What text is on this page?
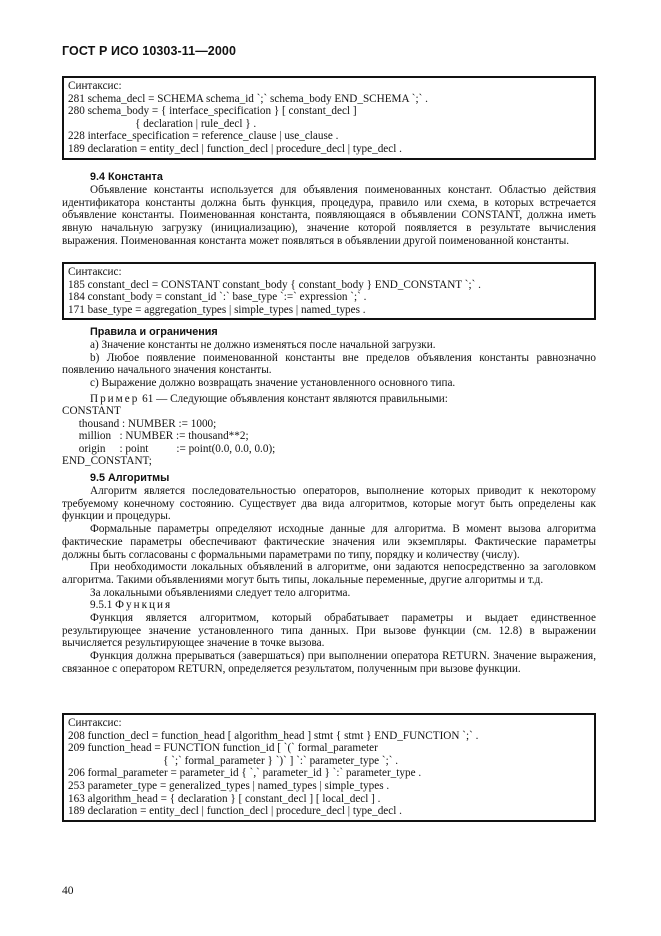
ГОСТ Р ИСО 10303-11—2000
Синтаксис:
281 schema_decl = SCHEMA schema_id `;` schema_body END_SCHEMA `;` .
280 schema_body = { interface_specification } [ constant_decl ]
{ declaration | rule_decl } .
228 interface_specification = reference_clause | use_clause .
189 declaration = entity_decl | function_decl | procedure_decl | type_decl .
9.4 Константа

Объявление константы используется для объявления поименованных констант. Областью действия идентификатора константы должна быть функция, процедура, правило или схема, в которых встречается объявление константы. Поименованная константа, появляющаяся в объявлении CONSTANT, должна иметь явную начальную загрузку (инициализацию), значение которой появляется в результате вычисления выражения. Поименованная константа может появляться в объявлении другой поименованной константы.

Синтаксис:
185 constant_decl = CONSTANT constant_body { constant_body } END_CONSTANT `;` .
184 constant_body = constant_id `:` base_type `:=` expression `;` .
171 base_type = aggregation_types | simple_types | named_types .
Правила и ограничения

a) Значение константы не должно изменяться после начальной загрузки.

b) Любое появление поименованной константы вне пределов объявления константы равнозначно появлению начального значения константы.

c) Выражение должно возвращать значение установленного основного типа.

Пример 61 — Следующие объявления констант являются правильными:

CONSTANT
thousand : NUMBER := 1000;
million   : NUMBER := thousand**2;
origin     : point          := point(0.0, 0.0, 0.0);
END_CONSTANT;
9.5 Алгоритмы

Алгоритм является последовательностью операторов, выполнение которых приводит к некоторому требуемому конечному состоянию. Существует два вида алгоритмов, которые могут быть определены как функции и процедуры.

Формальные параметры определяют исходные данные для алгоритма. В момент вызова алгоритма фактические параметры обеспечивают фактические значения или экземпляры. Фактические параметры должны быть согласованы с формальными параметрами по типу, порядку и количеству (числу).

При необходимости локальных объявлений в алгоритме, они задаются непосредственно за заголовком алгоритма. Такими объявлениями могут быть типы, локальные переменные, другие алгоритмы и т.д.

За локальными объявлениями следует тело алгоритма.

9.5.1 Функция

Функция является алгоритмом, который обрабатывает параметры и выдает единственное результирующее значение установленного типа данных. При вызове функции (см. 12.8) в выражении вычисляется результирующее значение в точке вызова.

Функция должна прерываться (завершаться) при выполнении оператора RETURN. Значение выражения, связанное с оператором RETURN, определяется результатом, полученным при вызове функции.

Синтаксис:
208 function_decl = function_head [ algorithm_head ] stmt { stmt } END_FUNCTION `;` .
209 function_head = FUNCTION function_id [ `(` formal_parameter
{ `;` formal_parameter } `)` ] `:` parameter_type `;` .
206 formal_parameter = parameter_id { `,` parameter_id } `:` parameter_type .
253 parameter_type = generalized_types | named_types | simple_types .
163 algorithm_head = { declaration } [ constant_decl ] [ local_decl ] .
189 declaration = entity_decl | function_decl | procedure_decl | type_decl .
40
